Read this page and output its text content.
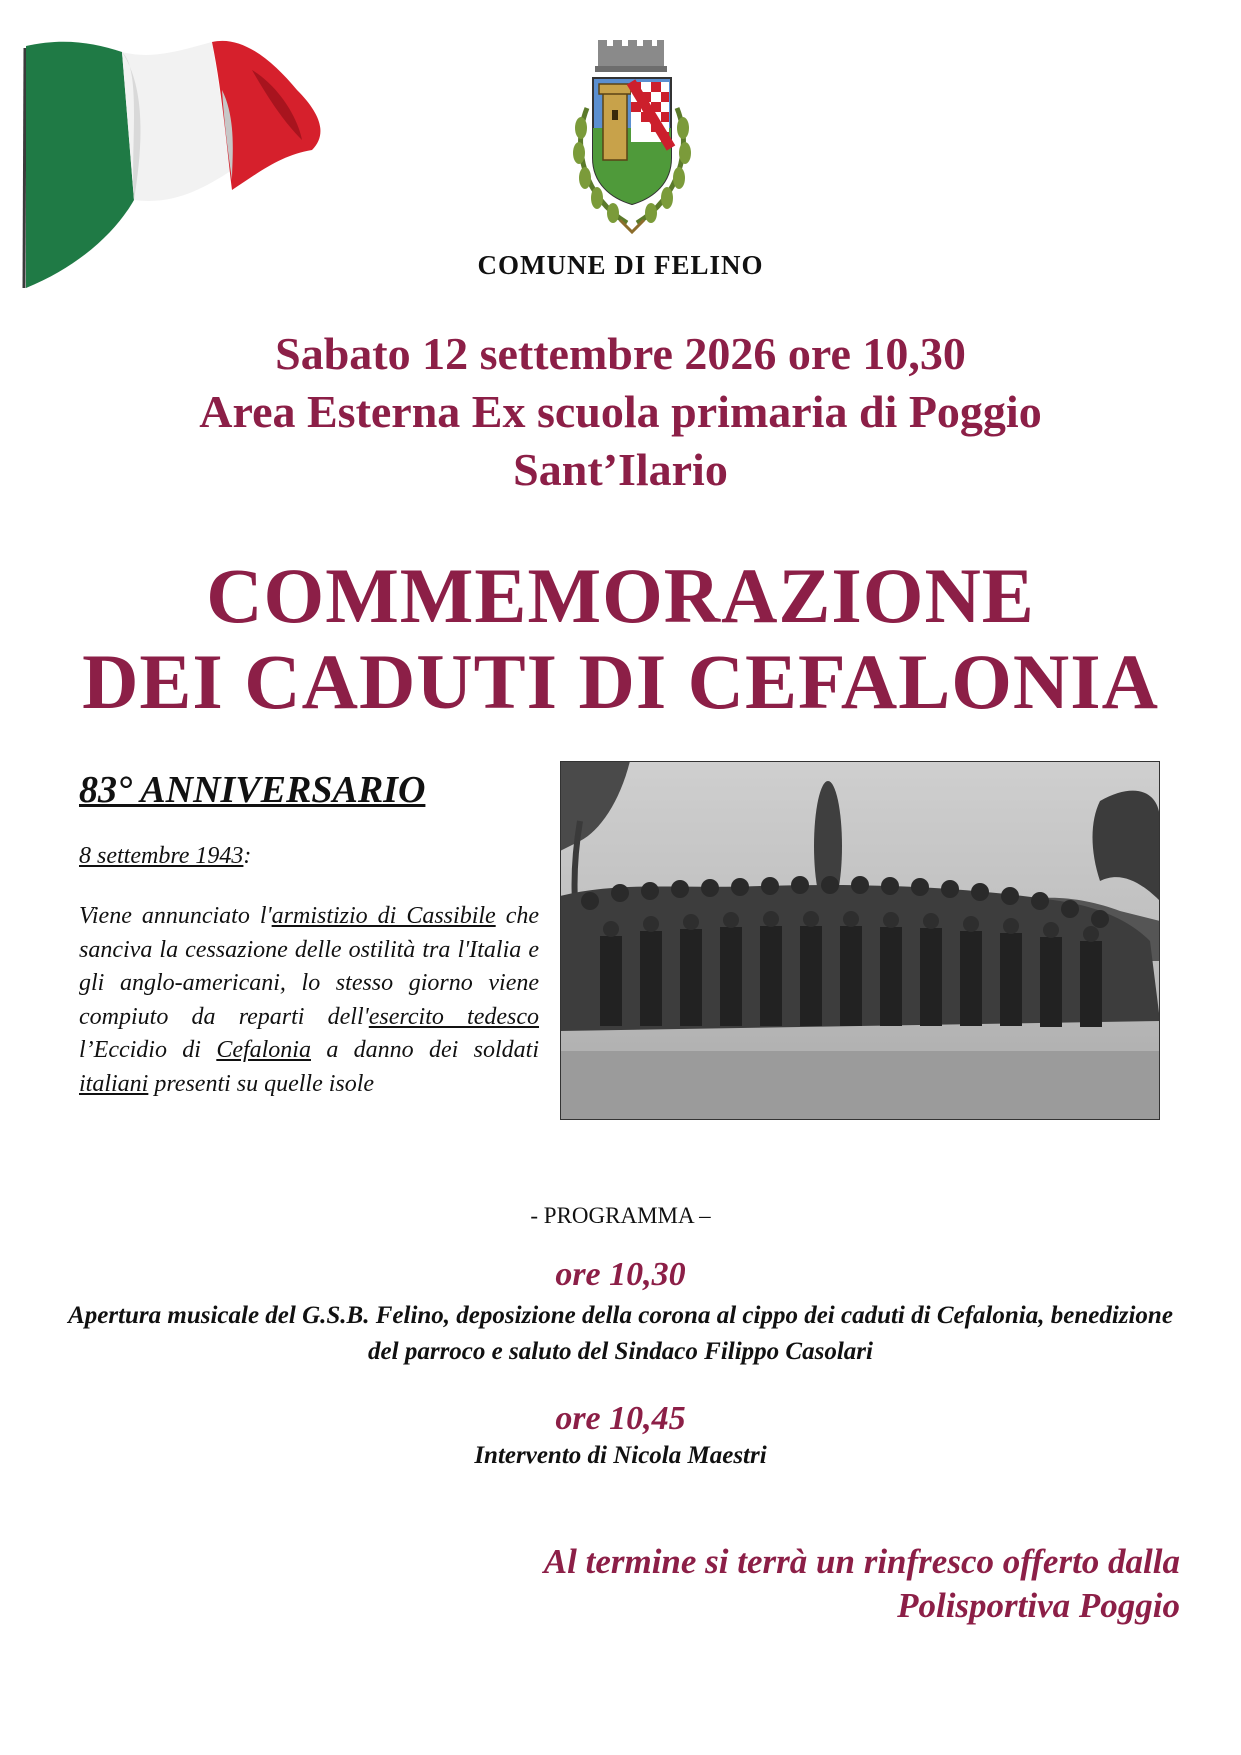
COMUNE DI FELINO
Sabato 12 settembre 2026 ore 10,30
Area Esterna Ex scuola primaria di Poggio
Sant’Ilario
COMMEMORAZIONE
DEI CADUTI DI CEFALONIA
83° ANNIVERSARIO
8 settembre 1943:
Viene annunciato l'armistizio di Cassibile che sanciva la cessazione delle ostilità tra l'Italia e gli anglo-americani, lo stesso giorno viene compiuto da reparti dell'esercito tedesco l’Eccidio di Cefalonia a danno dei soldati italiani presenti su quelle isole
- PROGRAMMA –
ore 10,30
Apertura musicale del G.S.B. Felino, deposizione della corona al cippo dei caduti di Cefalonia, benedizione del parroco e saluto del Sindaco Filippo Casolari
ore 10,45
Intervento di Nicola Maestri
Al termine si terrà un rinfresco offerto dalla
Polisportiva Poggio
